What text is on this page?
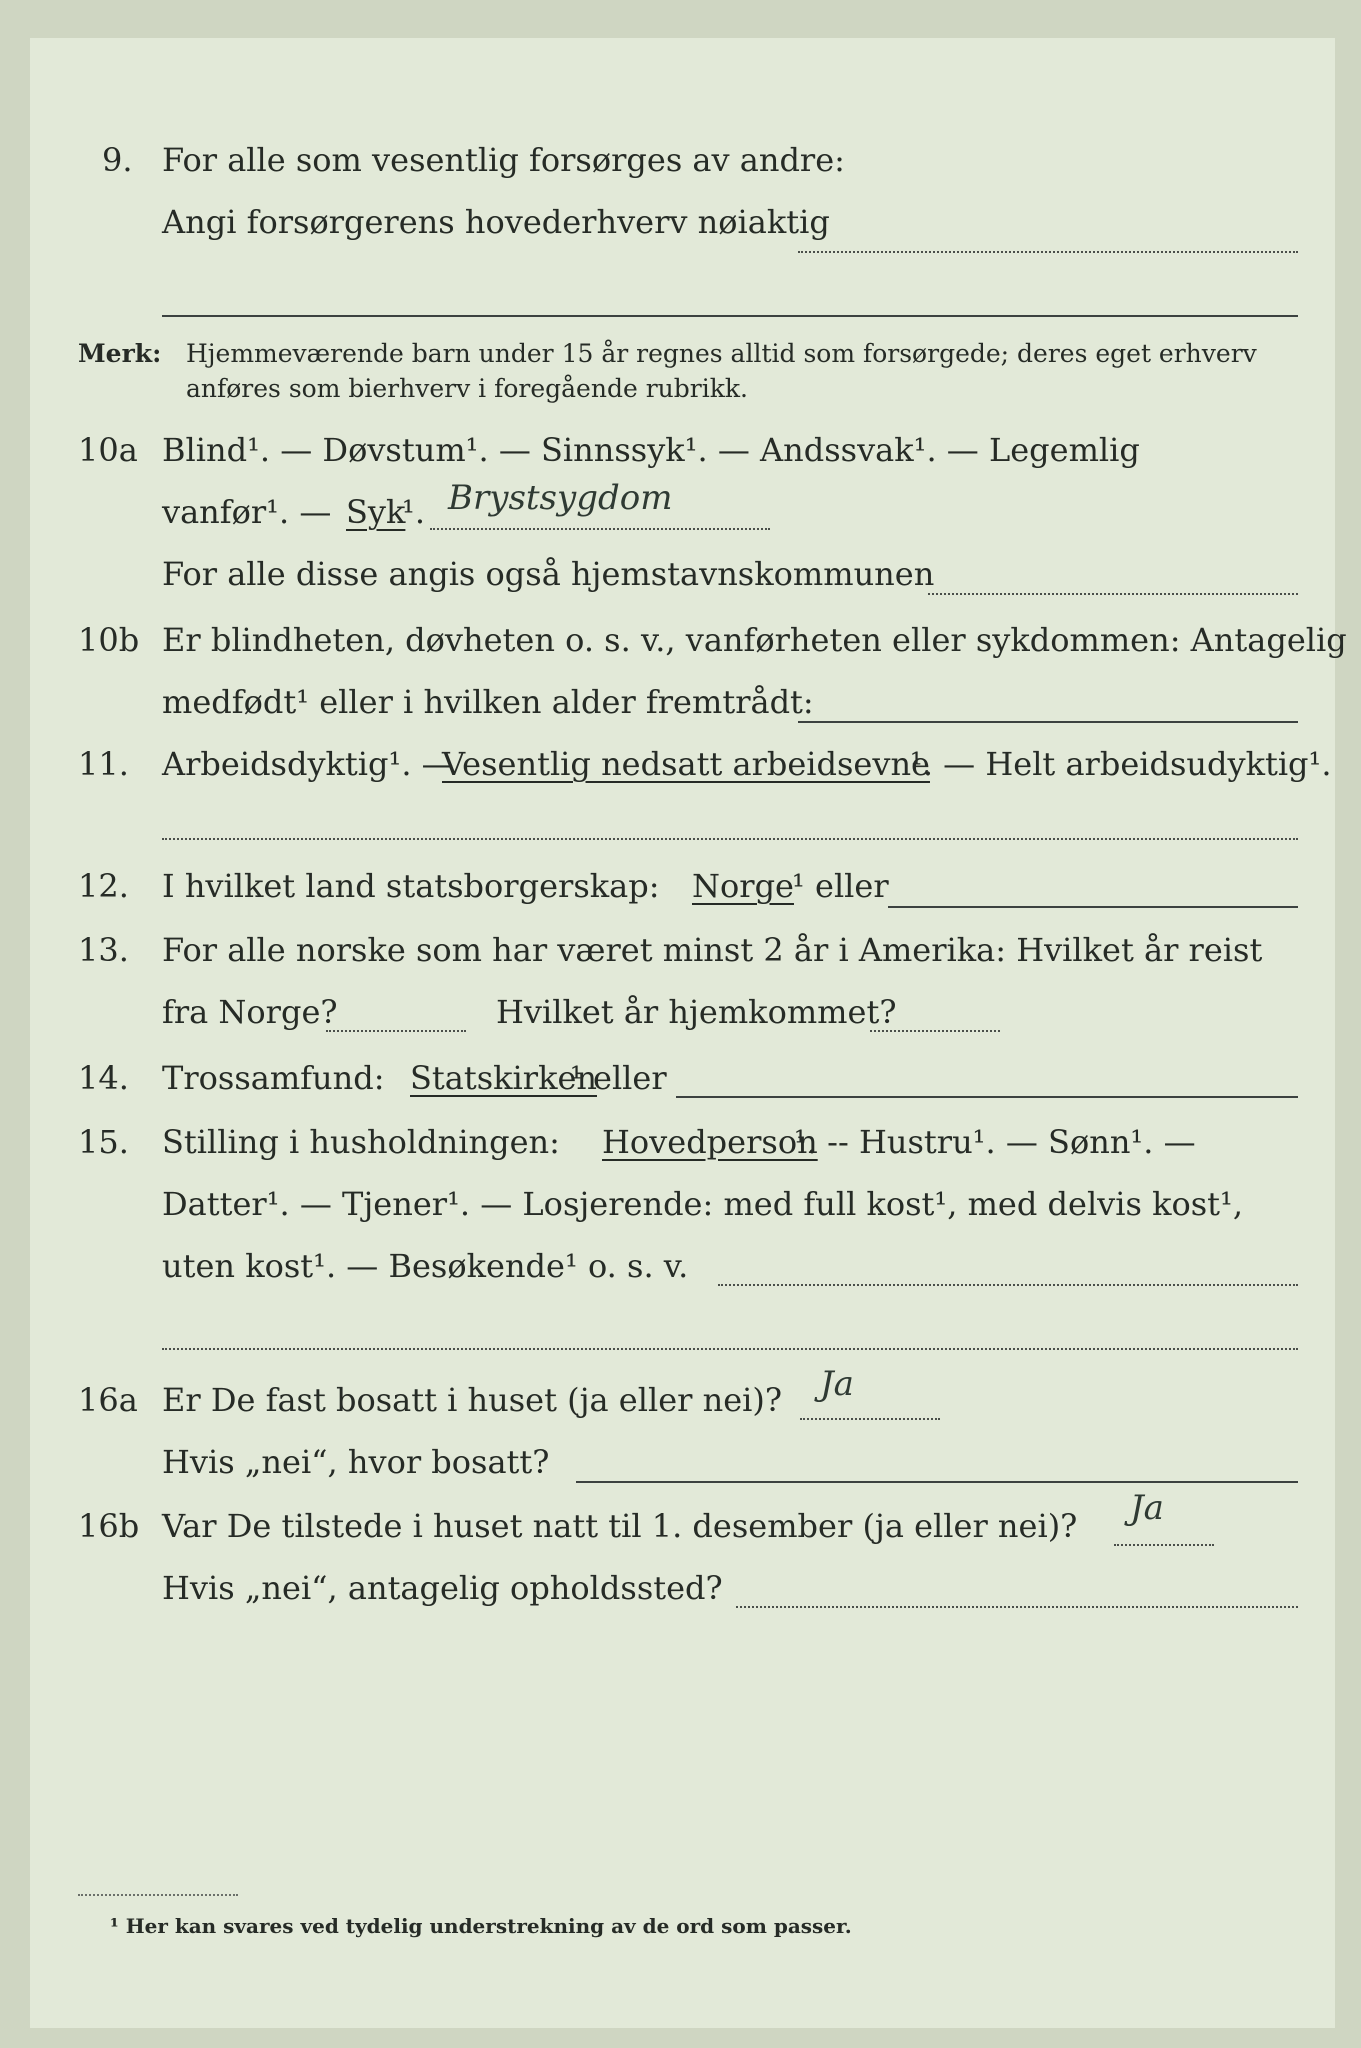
9. For alle som vesentlig forsørges av andre:
Angi forsørgerens hovederhverv nøiaktig
Merk: Hjemmeværende barn under 15 år regnes alltid som forsørgede; deres eget erhverv
anføres som bierhverv i foregående rubrikk.
10a Blind¹. — Døvstum¹. — Sinnssyk¹. — Andssvak¹. — Legemlig
vanfør¹. — Syk
¹. Brystsygdom
For alle disse angis også hjemstavnskommunen
10b Er blindheten, døvheten o. s. v., vanførheten eller sykdommen: Antagelig
medfødt¹ eller i hvilken alder fremtrådt:
11.	Arbeidsdyktig¹. —
Vesentlig nedsatt arbeidsevne
¹. — Helt arbeidsudyktig¹.
12.	I hvilket land statsborgerskap: Norge
¹ eller
13.	For alle norske som har været minst 2 år i Amerika: Hvilket år reist
fra Norge?	Hvilket år hjemkommet?
14.	Trossamfund: Statskirken
¹ eller
15.	Stilling i husholdningen: Hovedperson
¹. -- Hustru¹. — Sønn¹. —
Datter¹. — Tjener¹. — Losjerende: med full kost¹, med delvis kost¹,
uten kost¹. — Besøkende¹ o. s. v.
16a Er De fast bosatt i huset (ja eller nei)? Ja
Hvis „nei“, hvor bosatt?
16b Var De tilstede i huset natt til 1. desember (ja eller nei)? Ja
Hvis „nei“, antagelig opholdssted?
¹ Her kan svares ved tydelig understrekning av de ord som passer.
